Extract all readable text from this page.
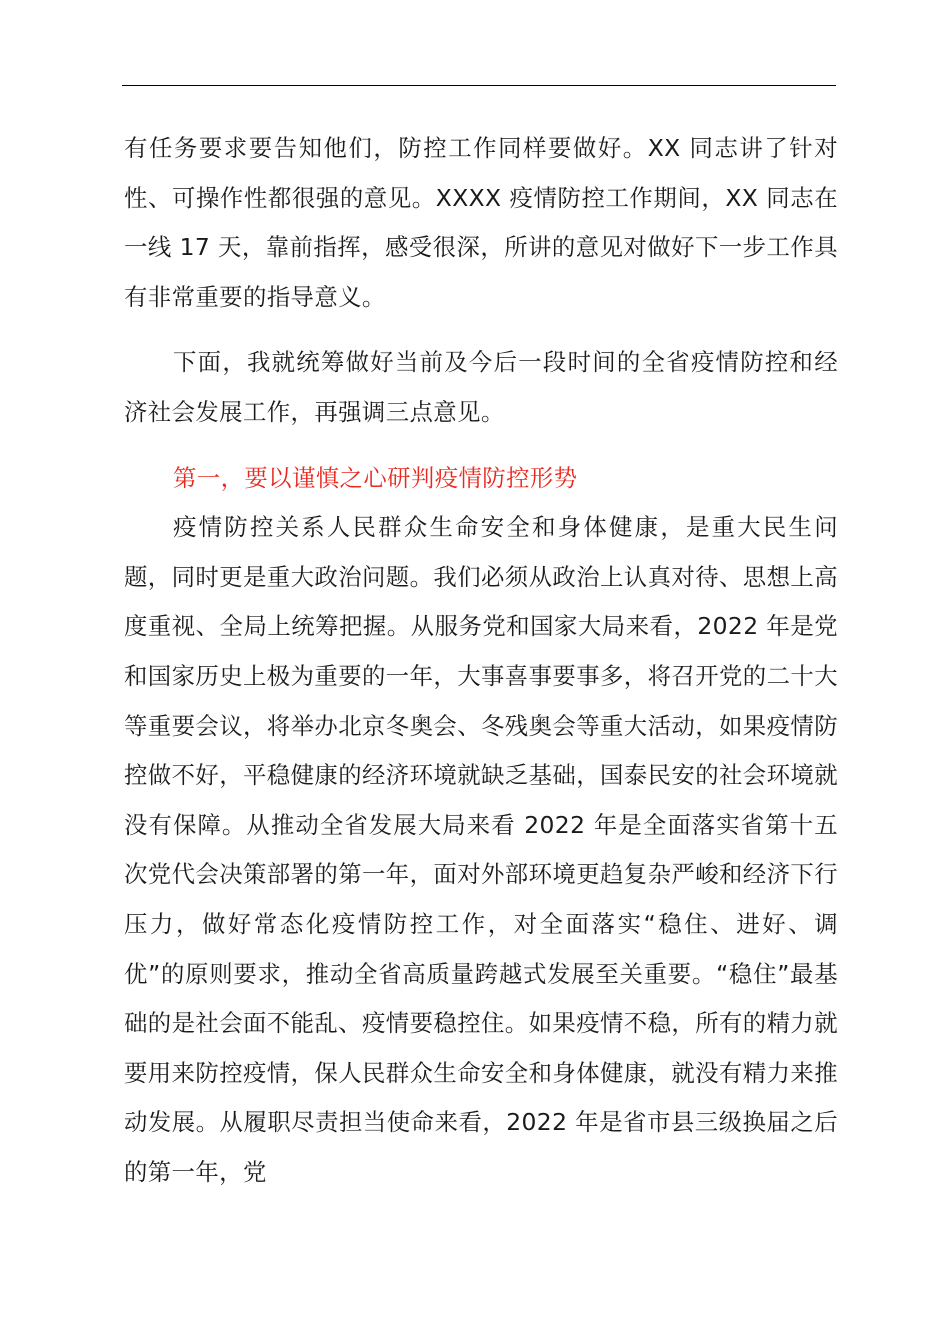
有任务要求要告知他们，防控工作同样要做好。XX 同志讲了针对性、可操作性都很强的意见。XXXX 疫情防控工作期间，XX 同志在一线 17 天，靠前指挥，感受很深，所讲的意见对做好下一步工作具有非常重要的指导意义。

下面，我就统筹做好当前及今后一段时间的全省疫情防控和经济社会发展工作，再强调三点意见。

第一，要以谨慎之心研判疫情防控形势

疫情防控关系人民群众生命安全和身体健康，是重大民生问题，同时更是重大政治问题。我们必须从政治上认真对待、思想上高度重视、全局上统筹把握。从服务党和国家大局来看，2022 年是党和国家历史上极为重要的一年，大事喜事要事多，将召开党的二十大等重要会议，将举办北京冬奥会、冬残奥会等重大活动，如果疫情防控做不好，平稳健康的经济环境就缺乏基础，国泰民安的社会环境就没有保障。从推动全省发展大局来看 2022 年是全面落实省第十五次党代会决策部署的第一年，面对外部环境更趋复杂严峻和经济下行压力，做好常态化疫情防控工作，对全面落实“稳住、进好、调优”的原则要求，推动全省高质量跨越式发展至关重要。“稳住”最基础的是社会面不能乱、疫情要稳控住。如果疫情不稳，所有的精力就要用来防控疫情，保人民群众生命安全和身体健康，就没有精力来推动发展。从履职尽责担当使命来看，2022 年是省市县三级换届之后的第一年，党
